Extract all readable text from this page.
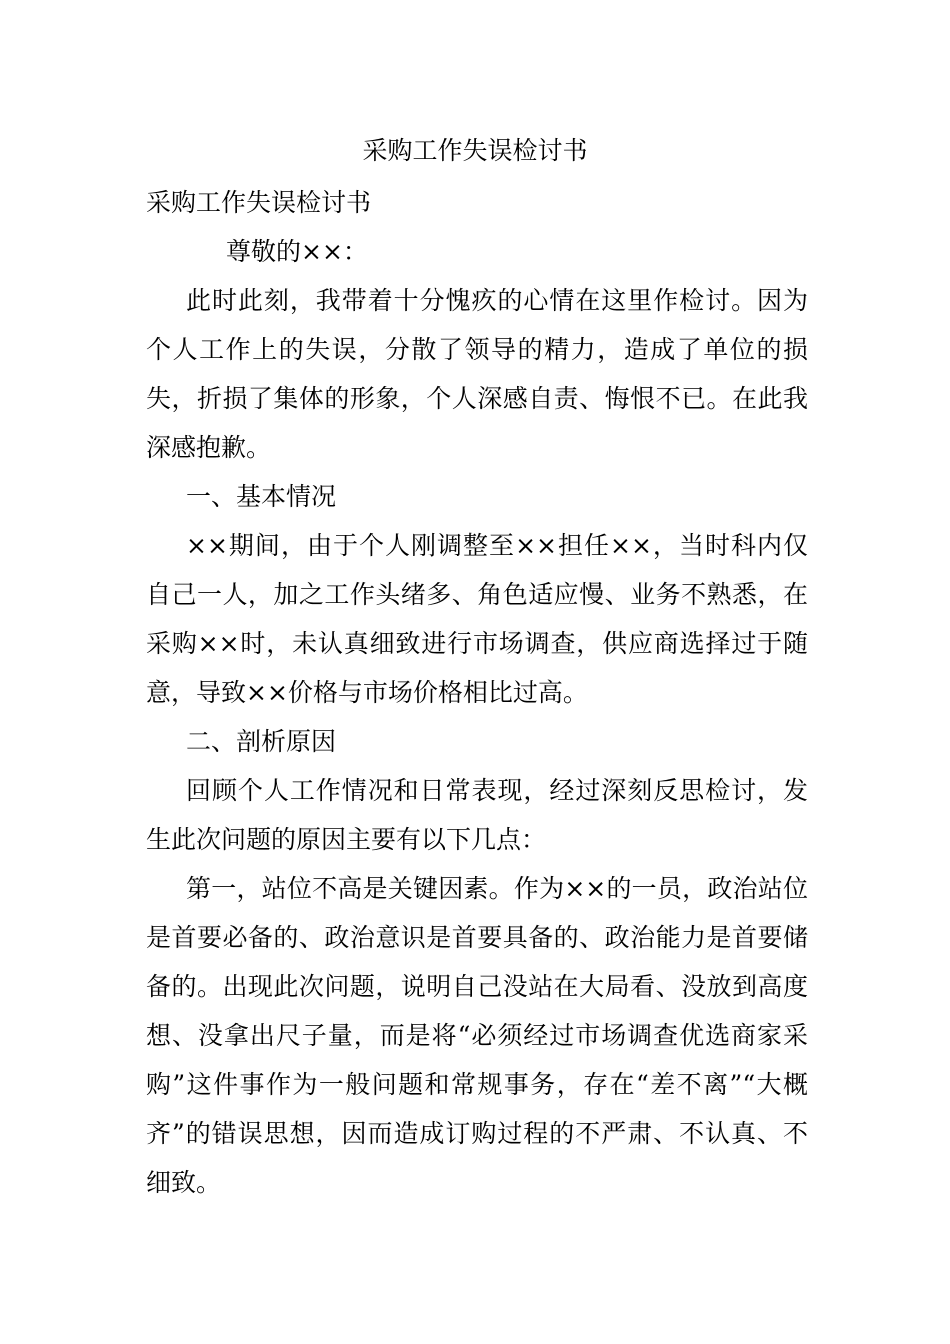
采购工作失误检讨书
采购工作失误检讨书

尊敬的××：

此时此刻，我带着十分愧疚的心情在这里作检讨。因为个人工作上的失误，分散了领导的精力，造成了单位的损失，折损了集体的形象，个人深感自责、悔恨不已。在此我深感抱歉。

一、基本情况

××期间，由于个人刚调整至××担任××，当时科内仅自己一人，加之工作头绪多、角色适应慢、业务不熟悉，在采购××时，未认真细致进行市场调查，供应商选择过于随意，导致××价格与市场价格相比过高。

二、剖析原因

回顾个人工作情况和日常表现，经过深刻反思检讨，发生此次问题的原因主要有以下几点：

第一，站位不高是关键因素。作为××的一员，政治站位是首要必备的、政治意识是首要具备的、政治能力是首要储备的。出现此次问题，说明自己没站在大局看、没放到高度想、没拿出尺子量，而是将“必须经过市场调查优选商家采购”这件事作为一般问题和常规事务，存在“差不离”“大概齐”的错误思想，因而造成订购过程的不严肃、不认真、不细致。
